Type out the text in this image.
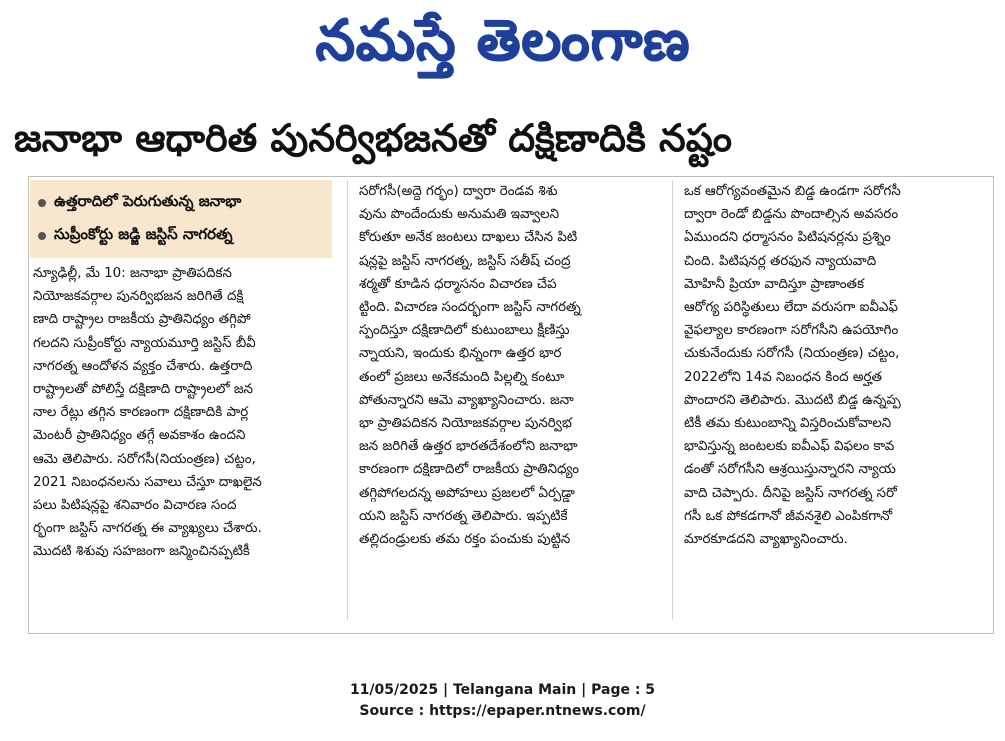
నమస్తే తెలంగాణ
జనాభా ఆధారిత పునర్విభజనతో దక్షిణాదికి నష్టం
ఉత్తరాదిలో పెరుగుతున్న జనాభా
సుప్రీంకోర్టు జడ్జి జస్టిస్ నాగరత్న
న్యూఢిల్లీ, మే 10: జనాభా ప్రాతిపదికన
నియోజకవర్గాల పునర్విభజన జరిగితే దక్షి
ణాది రాష్ట్రాల రాజకీయ ప్రాతినిధ్యం తగ్గిపో
గలదని సుప్రీంకోర్టు న్యాయమూర్తి జస్టిస్ బీవీ
నాగరత్న ఆందోళన వ్యక్తం చేశారు. ఉత్తరాది
రాష్ట్రాలతో పోలిస్తే దక్షిణాది రాష్ట్రాలలో జన
నాల రేట్లు తగ్గిన కారణంగా దక్షిణాదికి పార్ల
మెంటరీ ప్రాతినిధ్యం తగ్గే అవకాశం ఉందని
ఆమె తెలిపారు. సరోగసీ(నియంత్రణ) చట్టం,
2021 నిబంధనలను సవాలు చేస్తూ దాఖలైన
పలు పిటిషన్లపై శనివారం విచారణ సంద
ర్భంగా జస్టిస్ నాగరత్న ఈ వ్యాఖ్యలు చేశారు.
మొదటి శిశువు సహజంగా జన్మించినప్పటికీ
సరోగసీ(అద్దె గర్భం) ద్వారా రెండవ శిశు
వును పొందేందుకు అనుమతి ఇవ్వాలని
కోరుతూ అనేక జంటలు దాఖలు చేసిన పిటి
షన్లపై జస్టిస్ నాగరత్న, జస్టిస్ సతీష్ చంద్ర
శర్మతో కూడిన ధర్మాసనం విచారణ చేప
ట్టింది. విచారణ సందర్భంగా జస్టిస్ నాగరత్న
స్పందిస్తూ దక్షిణాదిలో కుటుంబాలు క్షీణిస్తు
న్నాయని, ఇందుకు భిన్నంగా ఉత్తర భార
తంలో ప్రజలు అనేకమంది పిల్లల్ని కంటూ
పోతున్నారని ఆమె వ్యాఖ్యానించారు. జనా
భా ప్రాతిపదికన నియోజకవర్గాల పునర్విభ
జన జరిగితే ఉత్తర భారతదేశంలోని జనాభా
కారణంగా దక్షిణాదిలో రాజకీయ ప్రాతినిధ్యం
తగ్గిపోగలదన్న అపోహలు ప్రజలలో ఏర్పడ్డా
యని జస్టిస్ నాగరత్న తెలిపారు. ఇప్పటికే
తల్లిదండ్రులకు తమ రక్తం పంచుకు పుట్టిన
ఒక ఆరోగ్యవంతమైన బిడ్డ ఉండగా సరోగసీ
ద్వారా రెండో బిడ్డను పొందాల్సిన అవసరం
ఏముందని ధర్మాసనం పిటిషనర్లను ప్రశ్నిం
చింది. పిటిషనర్ల తరఫున న్యాయవాది
మోహినీ ప్రియా వాదిస్తూ ప్రాణాంతక
ఆరోగ్య పరిస్థితులు లేదా వరుసగా ఐవీఎఫ్
వైఫల్యాల కారణంగా సరోగసీని ఉపయోగిం
చుకునేందుకు సరోగసీ (నియంత్రణ) చట్టం,
2022లోని 14వ నిబంధన కింద అర్హత
పొందారని తెలిపారు. మొదటి బిడ్డ ఉన్నప్ప
టికీ తమ కుటుంబాన్ని విస్తరించుకోవాలని
భావిస్తున్న జంటలకు ఐవీఎఫ్ విఫలం కావ
డంతో సరోగసీని ఆశ్రయిస్తున్నారని న్యాయ
వాది చెప్పారు. దీనిపై జస్టిస్ నాగరత్న సరో
గసీ ఒక పోకడగానో జీవనశైలి ఎంపికగానో
మారకూడదని వ్యాఖ్యానించారు.
11/05/2025 | Telangana Main | Page : 5
Source : https://epaper.ntnews.com/
